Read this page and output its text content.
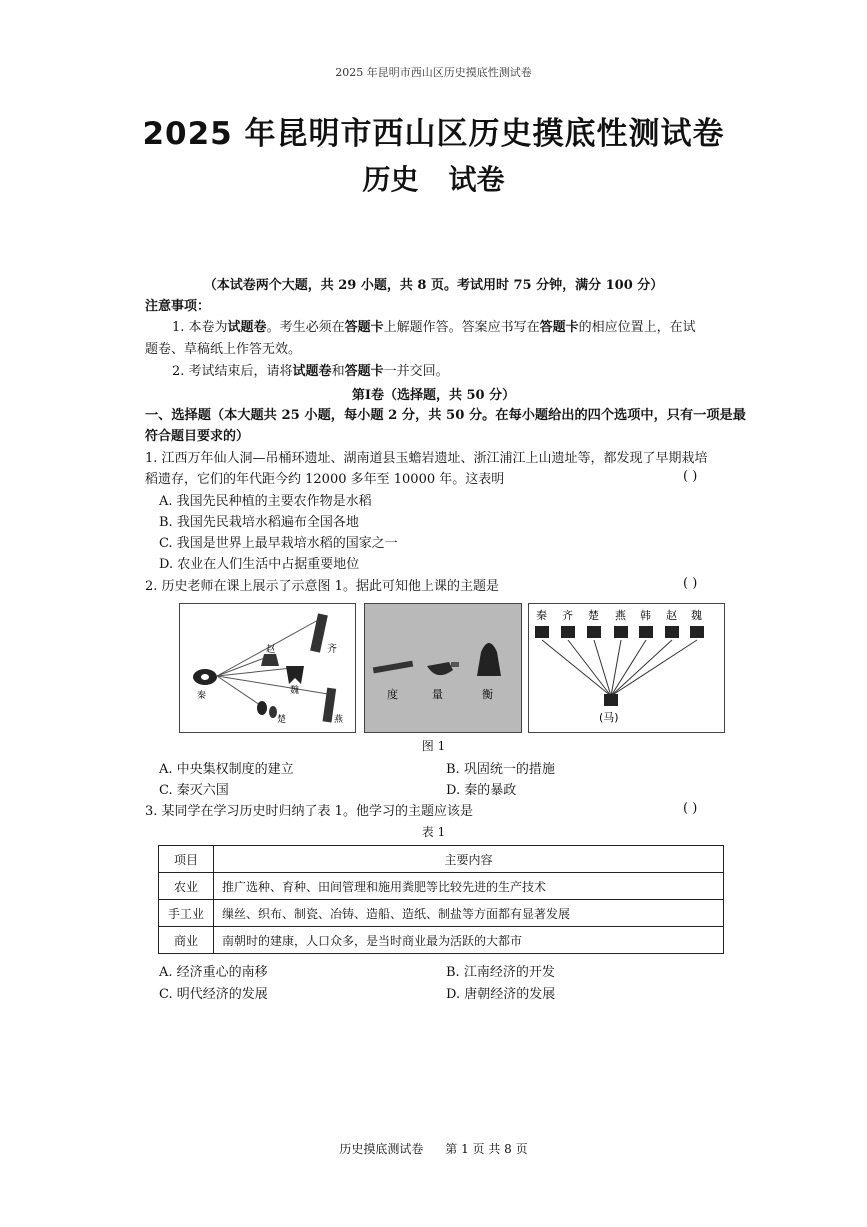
2025 年昆明市西山区历史摸底性测试卷
2025 年昆明市西山区历史摸底性测试卷
历史 试卷
（本试卷两个大题，共 29 小题，共 8 页。考试用时 75 分钟，满分 100 分）
注意事项：
1. 本卷为试题卷。考生必须在答题卡上解题作答。答案应书写在答题卡的相应位置上，在试
题卷、草稿纸上作答无效。
2. 考试结束后，请将试题卷和答题卡一并交回。
第Ⅰ卷（选择题，共 50 分）
一、选择题（本大题共 25 小题，每小题 2 分，共 50 分。在每小题给出的四个选项中，只有一项是最
符合题目要求的）
1. 江西万年仙人洞—吊桶环遗址、湖南道县玉蟾岩遗址、浙江浦江上山遗址等，都发现了早期栽培
稻遗存，它们的年代距今约 12000 多年至 10000 年。这表明	( )
A. 我国先民种植的主要农作物是水稻
B. 我国先民栽培水稻遍布全国各地
C. 我国是世界上最早栽培水稻的国家之一
D. 农业在人们生活中占据重要地位
2. 历史老师在课上展示了示意图 1。据此可知他上课的主题是	( )
齐
赵
魏
秦
楚	燕
度	量	衡
秦 齐 楚 燕 韩 赵 魏
(马)
图 1
A. 中央集权制度的建立	B. 巩固统一的措施
C. 秦灭六国	D. 秦的暴政
3. 某同学在学习历史时归纳了表 1。他学习的主题应该是	( )
表 1
项目	主要内容
农业	推广选种、育种、田间管理和施用粪肥等比较先进的生产技术
手工业	缫丝、织布、制瓷、冶铸、造船、造纸、制盐等方面都有显著发展
商业	南朝时的建康，人口众多，是当时商业最为活跃的大都市
A. 经济重心的南移	B. 江南经济的开发
C. 明代经济的发展	D. 唐朝经济的发展
历史摸底测试卷 第 1 页 共 8 页
